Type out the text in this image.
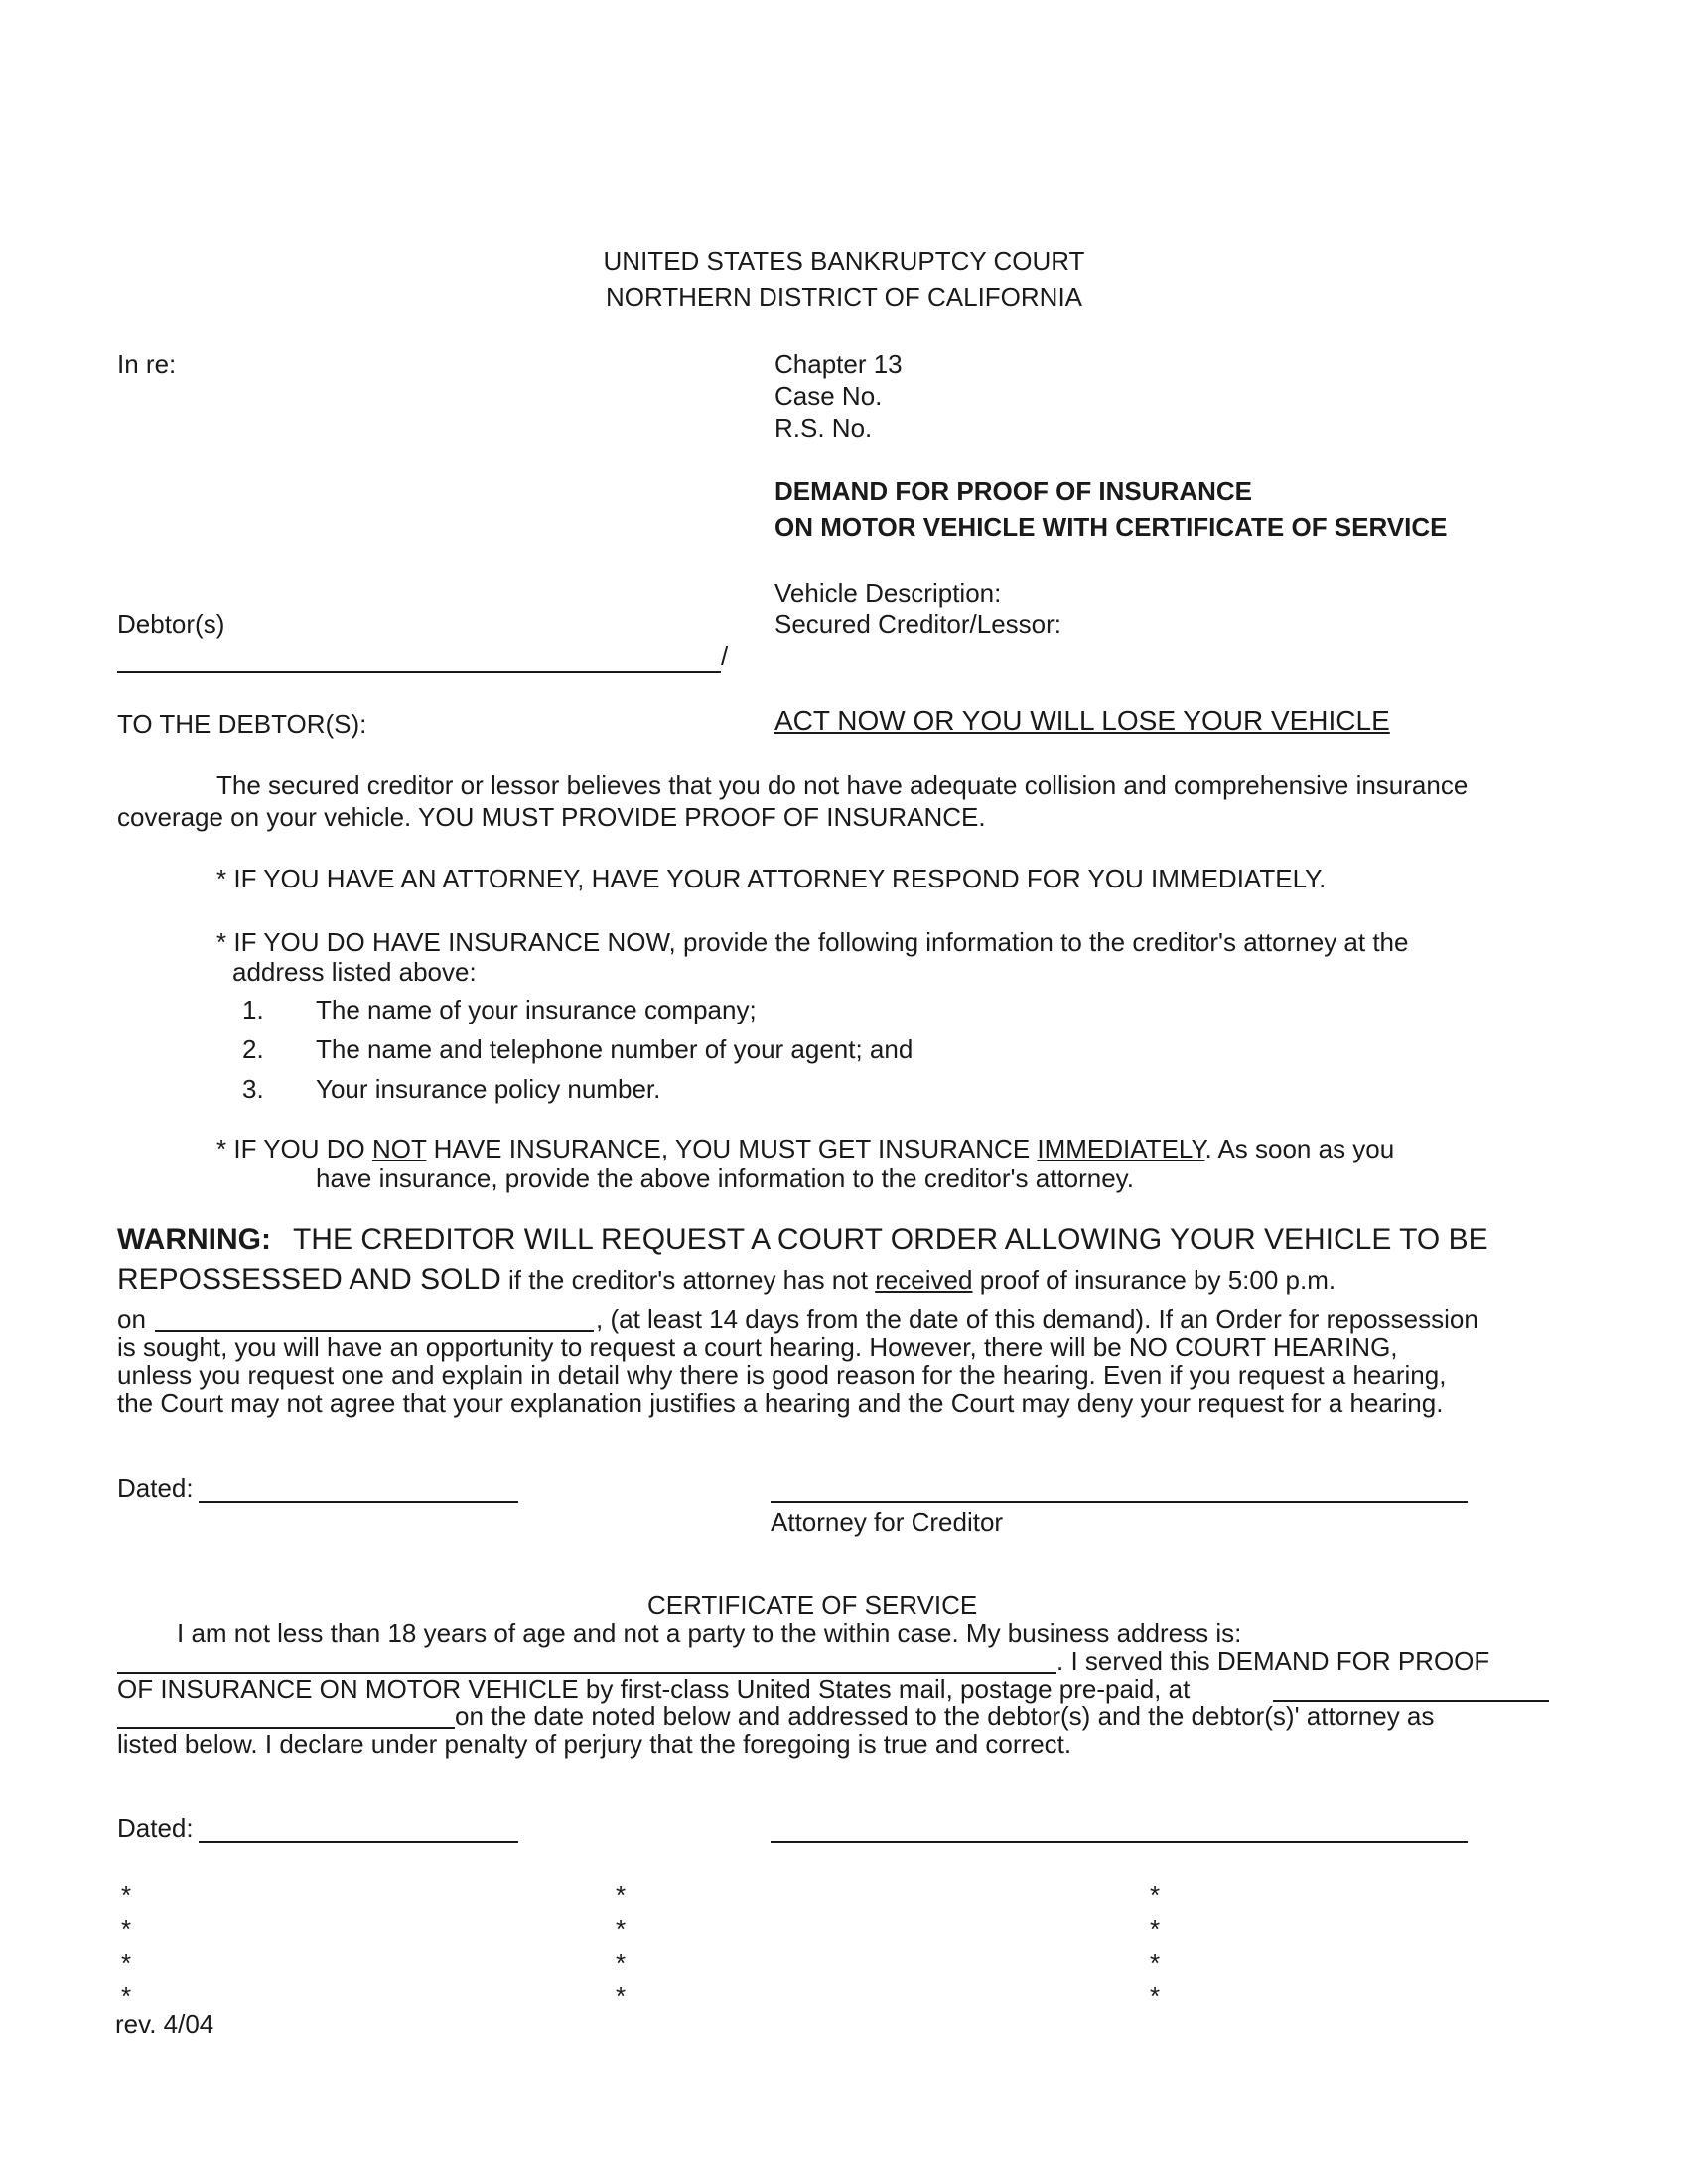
UNITED STATES BANKRUPTCY COURT
NORTHERN DISTRICT OF CALIFORNIA
In re:
Debtor(s)
/
Chapter 13
Case No.
R.S. No.
DEMAND FOR PROOF OF INSURANCE
ON MOTOR VEHICLE WITH CERTIFICATE OF SERVICE
Vehicle Description:
Secured Creditor/Lessor:
TO THE DEBTOR(S):	ACT NOW OR YOU WILL LOSE YOUR VEHICLE
The secured creditor or lessor believes that you do not have adequate collision and comprehensive insurance
coverage on your vehicle. YOU MUST PROVIDE PROOF OF INSURANCE.
* IF YOU HAVE AN ATTORNEY, HAVE YOUR ATTORNEY RESPOND FOR YOU IMMEDIATELY.
* IF YOU DO HAVE INSURANCE NOW, provide the following information to the creditor's attorney at the
address listed above:
1. The name of your insurance company;
2. The name and telephone number of your agent; and
3. Your insurance policy number.
* IF YOU DO NOT HAVE INSURANCE, YOU MUST GET INSURANCE IMMEDIATELY. As soon as you
have insurance, provide the above information to the creditor's attorney.
WARNING: THE CREDITOR WILL REQUEST A COURT ORDER ALLOWING YOUR VEHICLE TO BE
REPOSSESSED AND SOLD if the creditor's attorney has not received proof of insurance by 5:00 p.m.
on	, (at least 14 days from the date of this demand). If an Order for repossession
is sought, you will have an opportunity to request a court hearing. However, there will be NO COURT HEARING,
unless you request one and explain in detail why there is good reason for the hearing. Even if you request a hearing,
the Court may not agree that your explanation justifies a hearing and the Court may deny your request for a hearing.
Dated:
Attorney for Creditor
CERTIFICATE OF SERVICE
I am not less than 18 years of age and not a party to the within case. My business address is:
. I served this DEMAND FOR PROOF
OF INSURANCE ON MOTOR VEHICLE by first-class United States mail, postage pre-paid, at
on the date noted below and addressed to the debtor(s) and the debtor(s)' attorney as
listed below. I declare under penalty of perjury that the foregoing is true and correct.
Dated:
*
*
*
*
*
*
*
*
*
*
*
*
rev. 4/04
